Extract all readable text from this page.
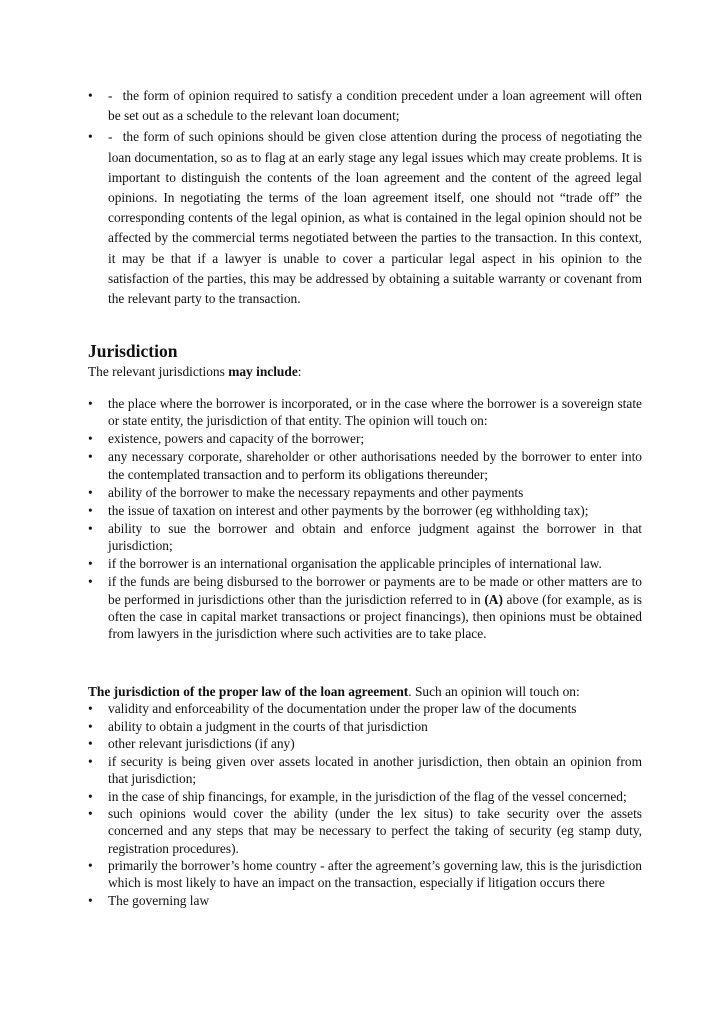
• - the form of opinion required to satisfy a condition precedent under a loan agreement will often be set out as a schedule to the relevant loan document;
• - the form of such opinions should be given close attention during the process of negotiating the loan documentation, so as to flag at an early stage any legal issues which may create problems. It is important to distinguish the contents of the loan agreement and the content of the agreed legal opinions. In negotiating the terms of the loan agreement itself, one should not “trade off” the corresponding contents of the legal opinion, as what is contained in the legal opinion should not be affected by the commercial terms negotiated between the parties to the transaction. In this context, it may be that if a lawyer is unable to cover a particular legal aspect in his opinion to the satisfaction of the parties, this may be addressed by obtaining a suitable warranty or covenant from the relevant party to the transaction.
Jurisdiction
The relevant jurisdictions may include:
• the place where the borrower is incorporated, or in the case where the borrower is a sovereign state or state entity, the jurisdiction of that entity. The opinion will touch on:
• existence, powers and capacity of the borrower;
• any necessary corporate, shareholder or other authorisations needed by the borrower to enter into the contemplated transaction and to perform its obligations thereunder;
• ability of the borrower to make the necessary repayments and other payments
• the issue of taxation on interest and other payments by the borrower (eg withholding tax);
• ability to sue the borrower and obtain and enforce judgment against the borrower in that jurisdiction;
• if the borrower is an international organisation the applicable principles of international law.
• if the funds are being disbursed to the borrower or payments are to be made or other matters are to be performed in jurisdictions other than the jurisdiction referred to in (A) above (for example, as is often the case in capital market transactions or project financings), then opinions must be obtained from lawyers in the jurisdiction where such activities are to take place.
The jurisdiction of the proper law of the loan agreement. Such an opinion will touch on:
• validity and enforceability of the documentation under the proper law of the documents
• ability to obtain a judgment in the courts of that jurisdiction
• other relevant jurisdictions (if any)
• if security is being given over assets located in another jurisdiction, then obtain an opinion from that jurisdiction;
• in the case of ship financings, for example, in the jurisdiction of the flag of the vessel concerned;
• such opinions would cover the ability (under the lex situs) to take security over the assets concerned and any steps that may be necessary to perfect the taking of security (eg stamp duty, registration procedures).
• primarily the borrower’s home country - after the agreement’s governing law, this is the jurisdiction which is most likely to have an impact on the transaction, especially if litigation occurs there
• The governing law
